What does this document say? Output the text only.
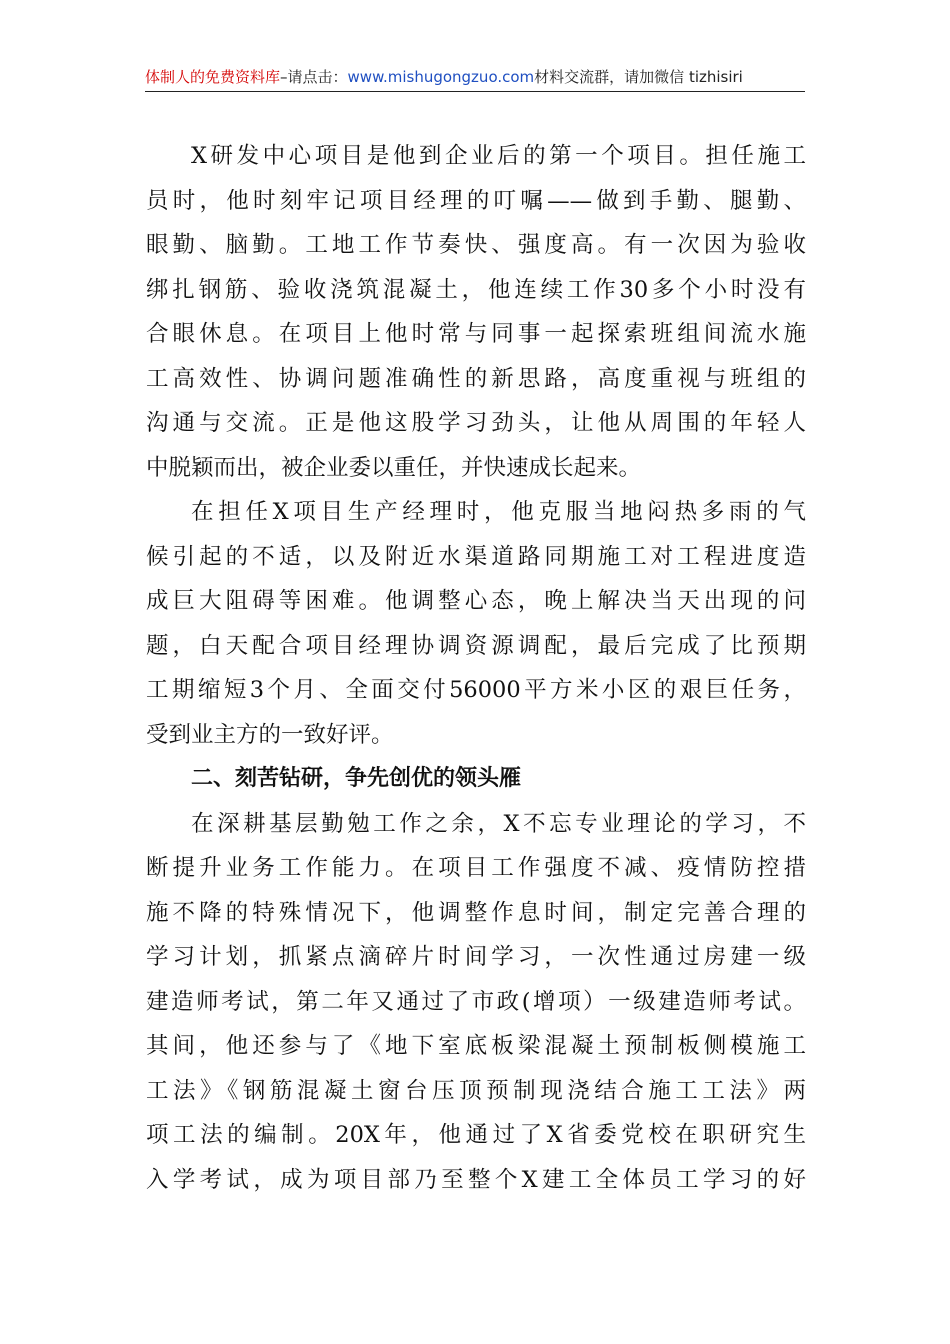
体制人的免费资料库–请点击：www.mishugongzuo.com材料交流群，请加微信 tizhisiri
X研发中心项目是他到企业后的第一个项目。担任施工
员时，他时刻牢记项目经理的叮嘱——做到手勤、腿勤、
眼勤、脑勤。工地工作节奏快、强度高。有一次因为验收
绑扎钢筋、验收浇筑混凝土，他连续工作30多个小时没有
合眼休息。在项目上他时常与同事一起探索班组间流水施
工高效性、协调问题准确性的新思路，高度重视与班组的
沟通与交流。正是他这股学习劲头，让他从周围的年轻人
中脱颖而出，被企业委以重任，并快速成长起来。
在担任X项目生产经理时，他克服当地闷热多雨的气
候引起的不适，以及附近水渠道路同期施工对工程进度造
成巨大阻碍等困难。他调整心态，晚上解决当天出现的问
题，白天配合项目经理协调资源调配，最后完成了比预期
工期缩短3个月、全面交付56000平方米小区的艰巨任务，
受到业主方的一致好评。
二、刻苦钻研，争先创优的领头雁
在深耕基层勤勉工作之余，X不忘专业理论的学习，不
断提升业务工作能力。在项目工作强度不减、疫情防控措
施不降的特殊情况下，他调整作息时间，制定完善合理的
学习计划，抓紧点滴碎片时间学习，一次性通过房建一级
建造师考试，第二年又通过了市政(增项）一级建造师考试。
其间，他还参与了《地下室底板梁混凝土预制板侧模施工
工法》《钢筋混凝土窗台压顶预制现浇结合施工工法》两
项工法的编制。20X年，他通过了X省委党校在职研究生
入学考试，成为项目部乃至整个X建工全体员工学习的好
